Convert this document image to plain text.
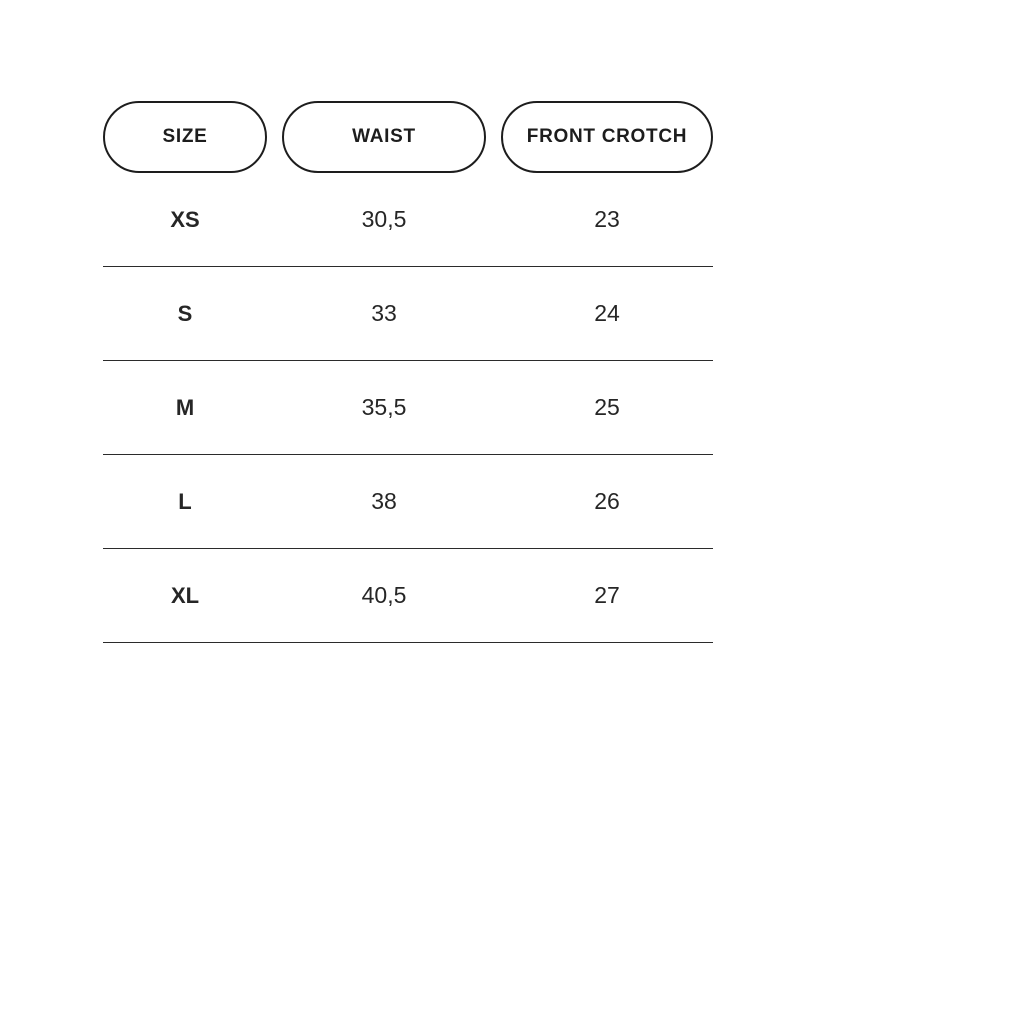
SIZE	WAIST	FRONT CROTCH
XS	30,5	23
S	33	24
M	35,5	25
L	38	26
XL	40,5	27
